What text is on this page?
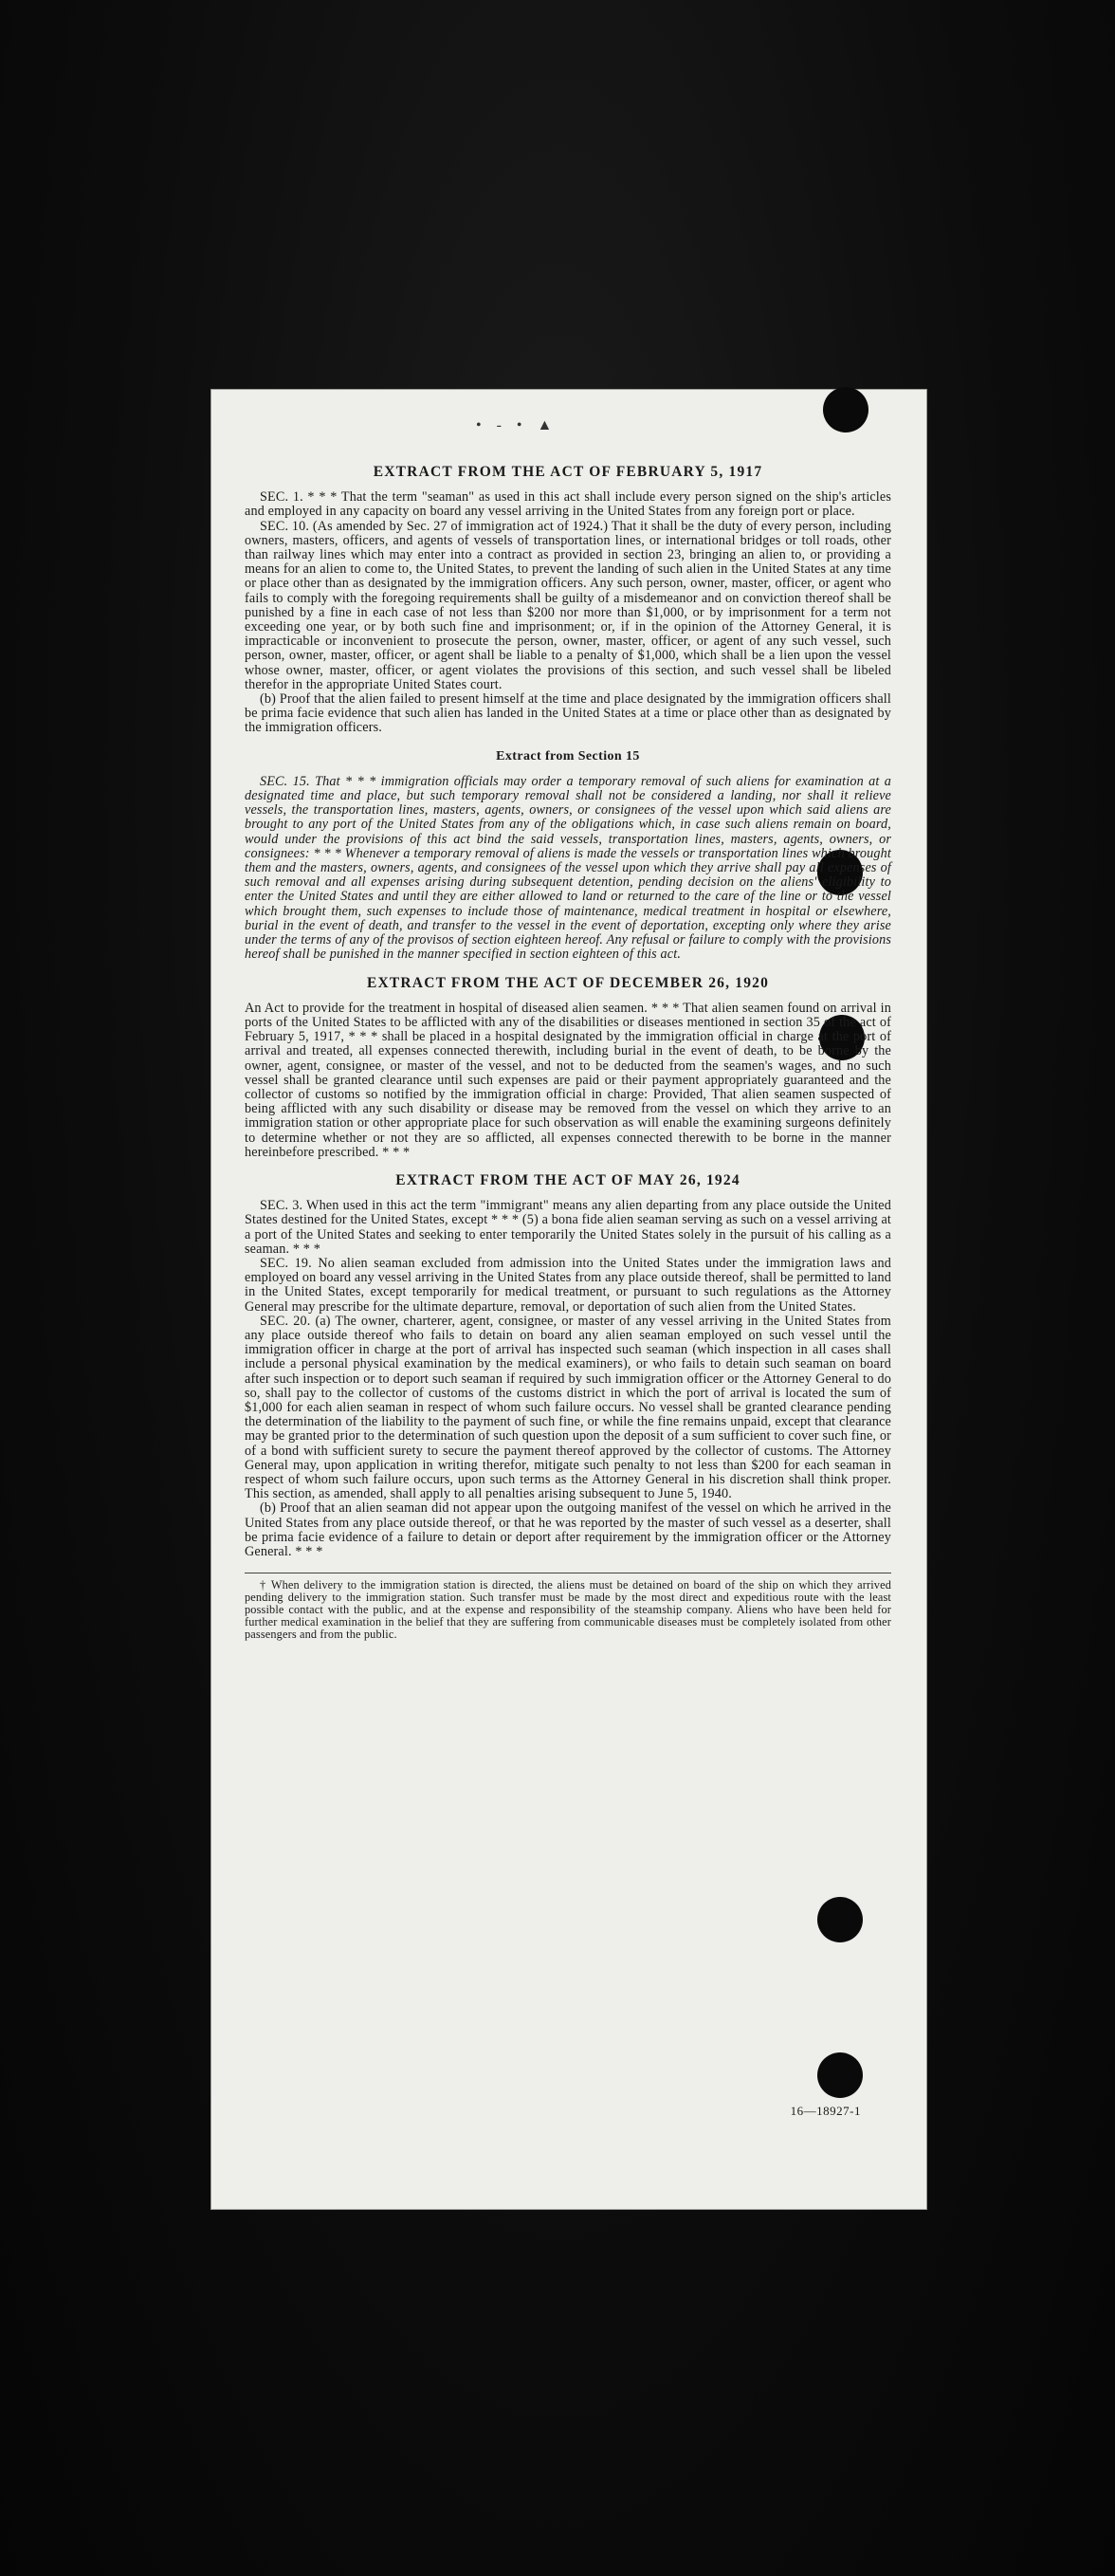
• ‑ • ▲
EXTRACT FROM THE ACT OF FEBRUARY 5, 1917

SEC. 1. * * * That the term "seaman" as used in this act shall include every person signed on the ship's articles and employed in any capacity on board any vessel arriving in the United States from any foreign port or place.

SEC. 10. (As amended by Sec. 27 of immigration act of 1924.) That it shall be the duty of every person, including owners, masters, officers, and agents of vessels of transportation lines, or international bridges or toll roads, other than railway lines which may enter into a contract as provided in section 23, bringing an alien to, or providing a means for an alien to come to, the United States, to prevent the landing of such alien in the United States at any time or place other than as designated by the immigration officers. Any such person, owner, master, officer, or agent who fails to comply with the foregoing requirements shall be guilty of a misdemeanor and on conviction thereof shall be punished by a fine in each case of not less than $200 nor more than $1,000, or by imprisonment for a term not exceeding one year, or by both such fine and imprisonment; or, if in the opinion of the Attorney General, it is impracticable or inconvenient to prosecute the person, owner, master, officer, or agent of any such vessel, such person, owner, master, officer, or agent shall be liable to a penalty of $1,000, which shall be a lien upon the vessel whose owner, master, officer, or agent violates the provisions of this section, and such vessel shall be libeled therefor in the appropriate United States court.

(b) Proof that the alien failed to present himself at the time and place designated by the immigration officers shall be prima facie evidence that such alien has landed in the United States at a time or place other than as designated by the immigration officers.

Extract from Section 15

SEC. 15. That * * * immigration officials may order a temporary removal of such aliens for examination at a designated time and place, but such temporary removal shall not be considered a landing, nor shall it relieve vessels, the transportation lines, masters, agents, owners, or consignees of the vessel upon which said aliens are brought to any port of the United States from any of the obligations which, in case such aliens remain on board, would under the provisions of this act bind the said vessels, transportation lines, masters, agents, owners, or consignees: * * * Whenever a temporary removal of aliens is made the vessels or transportation lines which brought them and the masters, owners, agents, and consignees of the vessel upon which they arrive shall pay all expenses of such removal and all expenses arising during subsequent detention, pending decision on the aliens' eligibility to enter the United States and until they are either allowed to land or returned to the care of the line or to the vessel which brought them, such expenses to include those of maintenance, medical treatment in hospital or elsewhere, burial in the event of death, and transfer to the vessel in the event of deportation, excepting only where they arise under the terms of any of the provisos of section eighteen hereof. Any refusal or failure to comply with the provisions hereof shall be punished in the manner specified in section eighteen of this act.

EXTRACT FROM THE ACT OF DECEMBER 26, 1920

An Act to provide for the treatment in hospital of diseased alien seamen. * * * That alien seamen found on arrival in ports of the United States to be afflicted with any of the disabilities or diseases mentioned in section 35 of the act of February 5, 1917, * * * shall be placed in a hospital designated by the immigration official in charge at the port of arrival and treated, all expenses connected therewith, including burial in the event of death, to be borne by the owner, agent, consignee, or master of the vessel, and not to be deducted from the seamen's wages, and no such vessel shall be granted clearance until such expenses are paid or their payment appropriately guaranteed and the collector of customs so notified by the immigration official in charge: Provided, That alien seamen suspected of being afflicted with any such disability or disease may be removed from the vessel on which they arrive to an immigration station or other appropriate place for such observation as will enable the examining surgeons definitely to determine whether or not they are so afflicted, all expenses connected therewith to be borne in the manner hereinbefore prescribed. * * *

EXTRACT FROM THE ACT OF MAY 26, 1924

SEC. 3. When used in this act the term "immigrant" means any alien departing from any place outside the United States destined for the United States, except * * * (5) a bona fide alien seaman serving as such on a vessel arriving at a port of the United States and seeking to enter temporarily the United States solely in the pursuit of his calling as a seaman. * * *

SEC. 19. No alien seaman excluded from admission into the United States under the immigration laws and employed on board any vessel arriving in the United States from any place outside thereof, shall be permitted to land in the United States, except temporarily for medical treatment, or pursuant to such regulations as the Attorney General may prescribe for the ultimate departure, removal, or deportation of such alien from the United States.

SEC. 20. (a) The owner, charterer, agent, consignee, or master of any vessel arriving in the United States from any place outside thereof who fails to detain on board any alien seaman employed on such vessel until the immigration officer in charge at the port of arrival has inspected such seaman (which inspection in all cases shall include a personal physical examination by the medical examiners), or who fails to detain such seaman on board after such inspection or to deport such seaman if required by such immigration officer or the Attorney General to do so, shall pay to the collector of customs of the customs district in which the port of arrival is located the sum of $1,000 for each alien seaman in respect of whom such failure occurs. No vessel shall be granted clearance pending the determination of the liability to the payment of such fine, or while the fine remains unpaid, except that clearance may be granted prior to the determination of such question upon the deposit of a sum sufficient to cover such fine, or of a bond with sufficient surety to secure the payment thereof approved by the collector of customs. The Attorney General may, upon application in writing therefor, mitigate such penalty to not less than $200 for each seaman in respect of whom such failure occurs, upon such terms as the Attorney General in his discretion shall think proper. This section, as amended, shall apply to all penalties arising subsequent to June 5, 1940.

(b) Proof that an alien seaman did not appear upon the outgoing manifest of the vessel on which he arrived in the United States from any place outside thereof, or that he was reported by the master of such vessel as a deserter, shall be prima facie evidence of a failure to detain or deport after requirement by the immigration officer or the Attorney General. * * *

† When delivery to the immigration station is directed, the aliens must be detained on board of the ship on which they arrived pending delivery to the immigration station. Such transfer must be made by the most direct and expeditious route with the least possible contact with the public, and at the expense and responsibility of the steamship company. Aliens who have been held for further medical examination in the belief that they are suffering from communicable diseases must be completely isolated from other passengers and from the public.

16—18927-1
